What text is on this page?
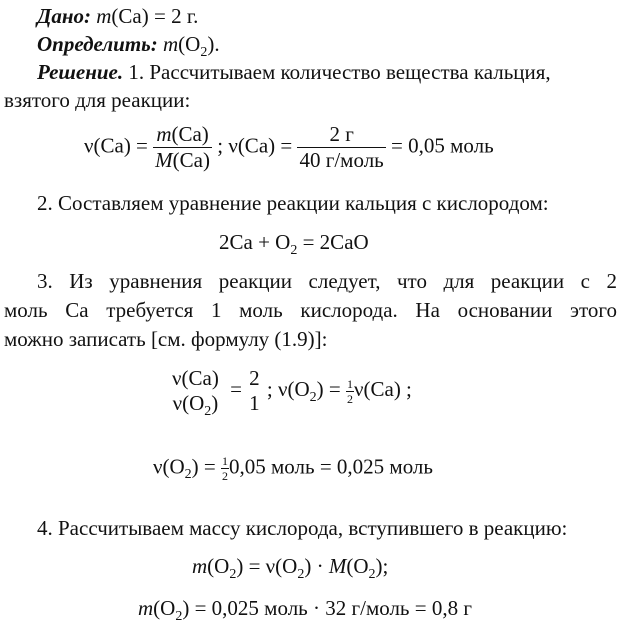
Дано: m(Ca) = 2 г.
Определить: $m(O_2)$.
Решение. 1. Рассчитываем количество вещества кальция,
взятого для реакции:
$\nu(Ca) = \frac{m(Ca)}{M(Ca)}$ ; $\nu(Ca) = \frac{2 г}{\text{40 г/моль}} = 0,05$ моль
2. Составляем уравнение реакции кальция с кислородом:
$2Ca + O_2 = 2CaO$
3. Из уравнения реакции следует, что для реакции с 2
моль Ca требуется 1 моль кислорода. На основании этого
можно записать [см. формулу (1.9)]:
ν(Ca)
$\nu(O_2)$
= 2
1
; $\nu(O_2) = \frac{1}{2} \nu(Ca)$ ;
$\nu(O_2) = \frac{1}{2} 0,05$ моль = 0,025 моль
4. Рассчитываем массу кислорода, вступившего в реакцию:
$m(O_2) = \nu(O_2) \cdot M(O_2)$;
$m(O_2) = 0,025$ моль · 32 г/моль = 0,8 г
